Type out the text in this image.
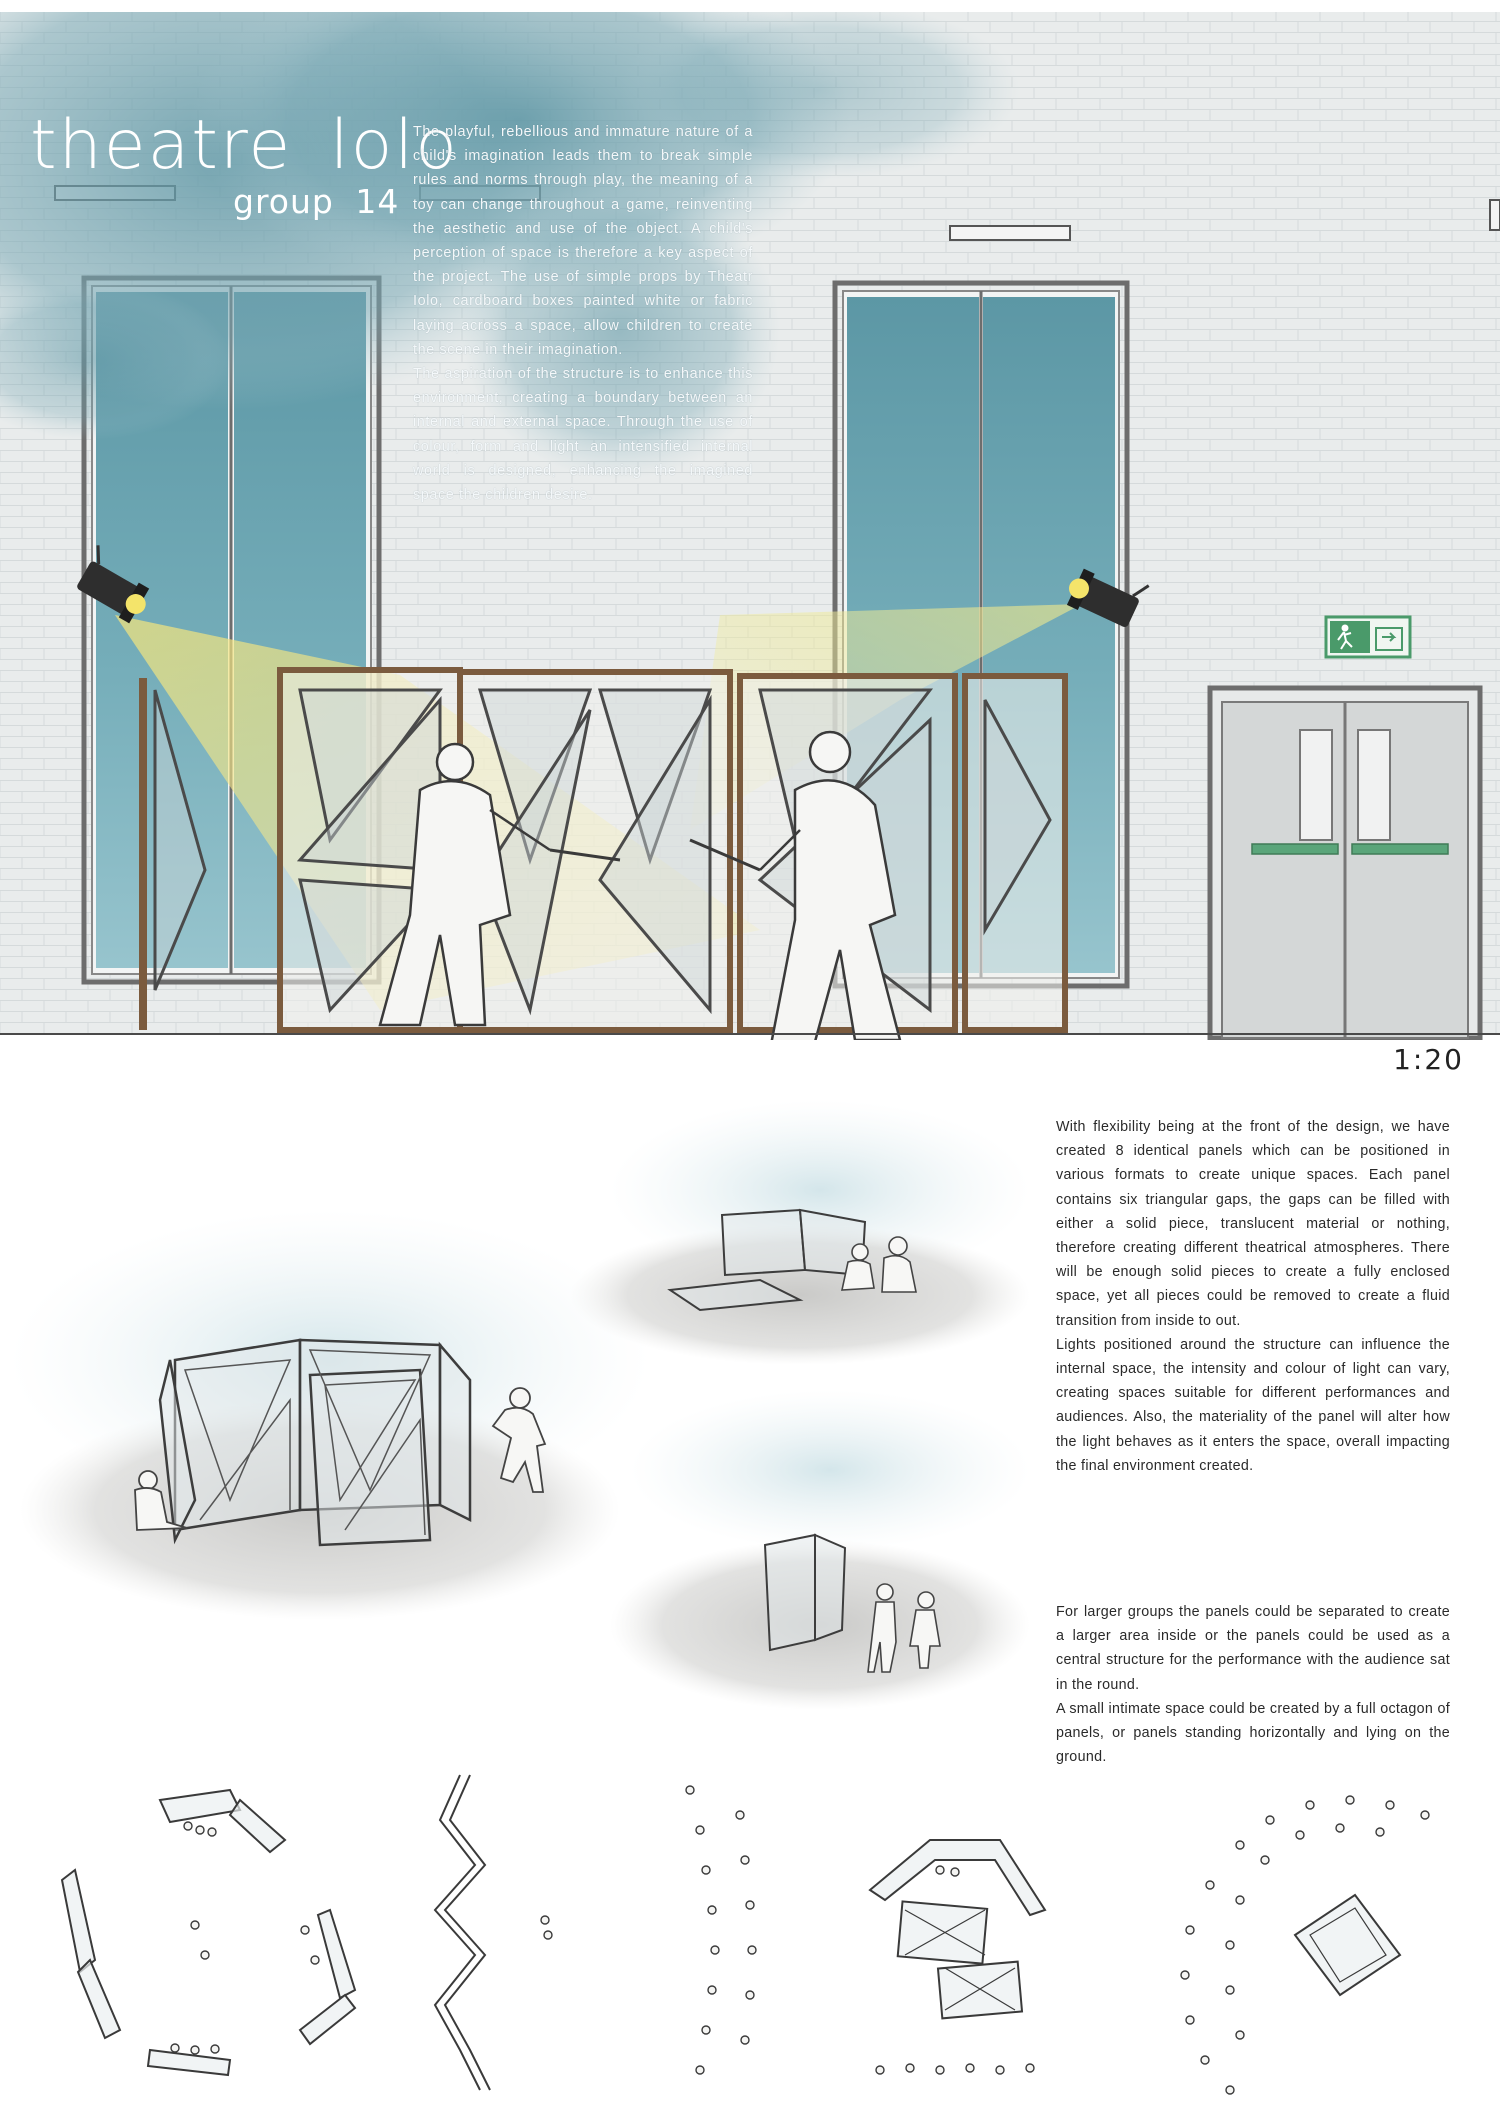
theatre lolo
group 14

The playful, rebellious and immature nature of a child's imagination leads them to break simple rules and norms through play, the meaning of a toy can change throughout a game, reinventing the aesthetic and use of the object. A child's perception of space is therefore a key aspect of the project. The use of simple props by Theatr Iolo, cardboard boxes painted white or fabric laying across a space, allow children to create the scene in their imagination.

The aspiration of the structure is to enhance this environment, creating a boundary between an internal and external space. Through the use of colour, form and light an intensified internal world is designed, enhancing the imagined space the children desire.

1:20

With flexibility being at the front of the design, we have created 8 identical panels which can be positioned in various formats to create unique spaces. Each panel contains six triangular gaps, the gaps can be filled with either a solid piece, translucent material or nothing, therefore creating different theatrical atmospheres. There will be enough solid pieces to create a fully enclosed space, yet all pieces could be removed to create a fluid transition from inside to out.

Lights positioned around the structure can influence the internal space, the intensity and colour of light can vary, creating spaces suitable for different performances and audiences. Also, the materiality of the panel will alter how the light behaves as it enters the space, overall impacting the final environment created.

For larger groups the panels could be separated to create a larger area inside or the panels could be used as a central structure for the performance with the audience sat in the round.

A small intimate space could be created by a full octagon of panels, or panels standing horizontally and lying on the ground.
